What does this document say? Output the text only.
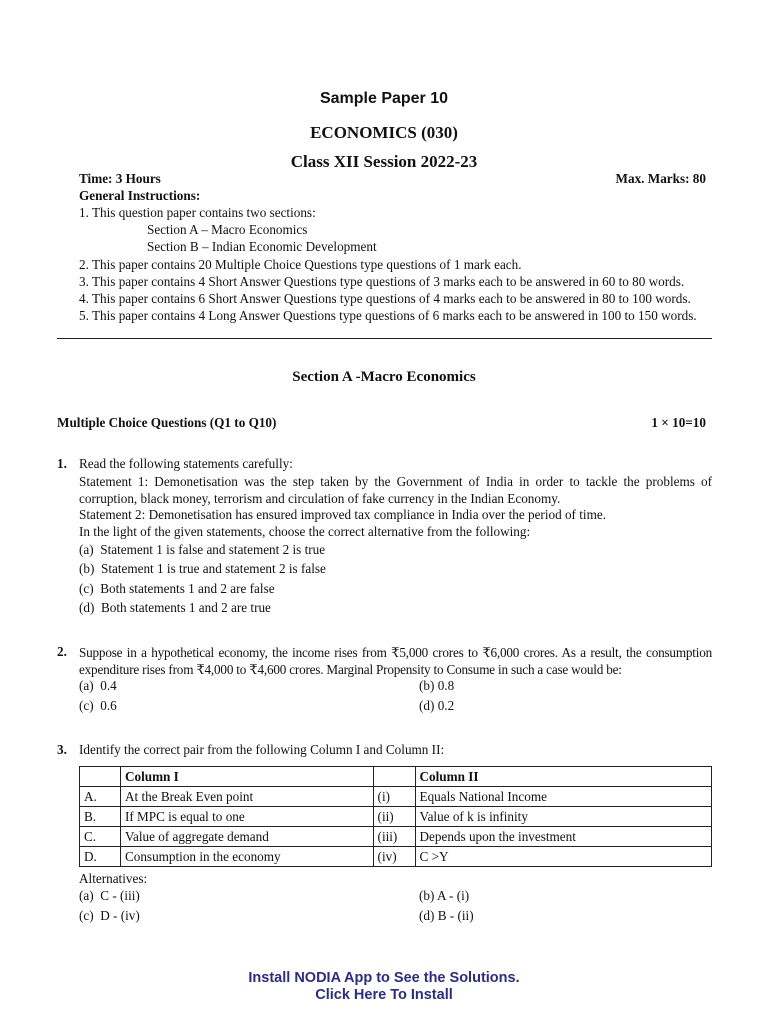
Sample Paper 10
ECONOMICS (030)
Class XII Session 2022-23
Time: 3 Hours	Max. Marks: 80
General Instructions:
1. This question paper contains two sections:
Section A – Macro Economics
Section B – Indian Economic Development
2. This paper contains 20 Multiple Choice Questions type questions of 1 mark each.
3. This paper contains 4 Short Answer Questions type questions of 3 marks each to be answered in 60 to 80 words.
4. This paper contains 6 Short Answer Questions type questions of 4 marks each to be answered in 80 to 100 words.
5. This paper contains 4 Long Answer Questions type questions of 6 marks each to be answered in 100 to 150 words.
Section A -Macro Economics
Multiple Choice Questions (Q1 to Q10)	1 × 10=10
1. Read the following statements carefully:
Statement 1: Demonetisation was the step taken by the Government of India in order to tackle the problems of corruption, black money, terrorism and circulation of fake currency in the Indian Economy.
Statement 2: Demonetisation has ensured improved tax compliance in India over the period of time.
In the light of the given statements, choose the correct alternative from the following:
(a) Statement 1 is false and statement 2 is true
(b) Statement 1 is true and statement 2 is false
(c) Both statements 1 and 2 are false
(d) Both statements 1 and 2 are true
2. Suppose in a hypothetical economy, the income rises from ₹5,000 crores to ₹6,000 crores. As a result, the consumption expenditure rises from ₹4,000 to ₹4,600 crores. Marginal Propensity to Consume in such a case would be:
(a) 0.4	(b) 0.8
(c) 0.6	(d) 0.2
3. Identify the correct pair from the following Column I and Column II:
	Column I		Column II
A.	At the Break Even point	(i)	Equals National Income
B.	If MPC is equal to one	(ii)	Value of k is infinity
C.	Value of aggregate demand	(iii)	Depends upon the investment
D.	Consumption in the economy	(iv)	C >Y
Alternatives:
(a) C - (iii)	(b) A - (i)
(c) D - (iv)	(d) B - (ii)
Install NODIA App to See the Solutions.
Click Here To Install
